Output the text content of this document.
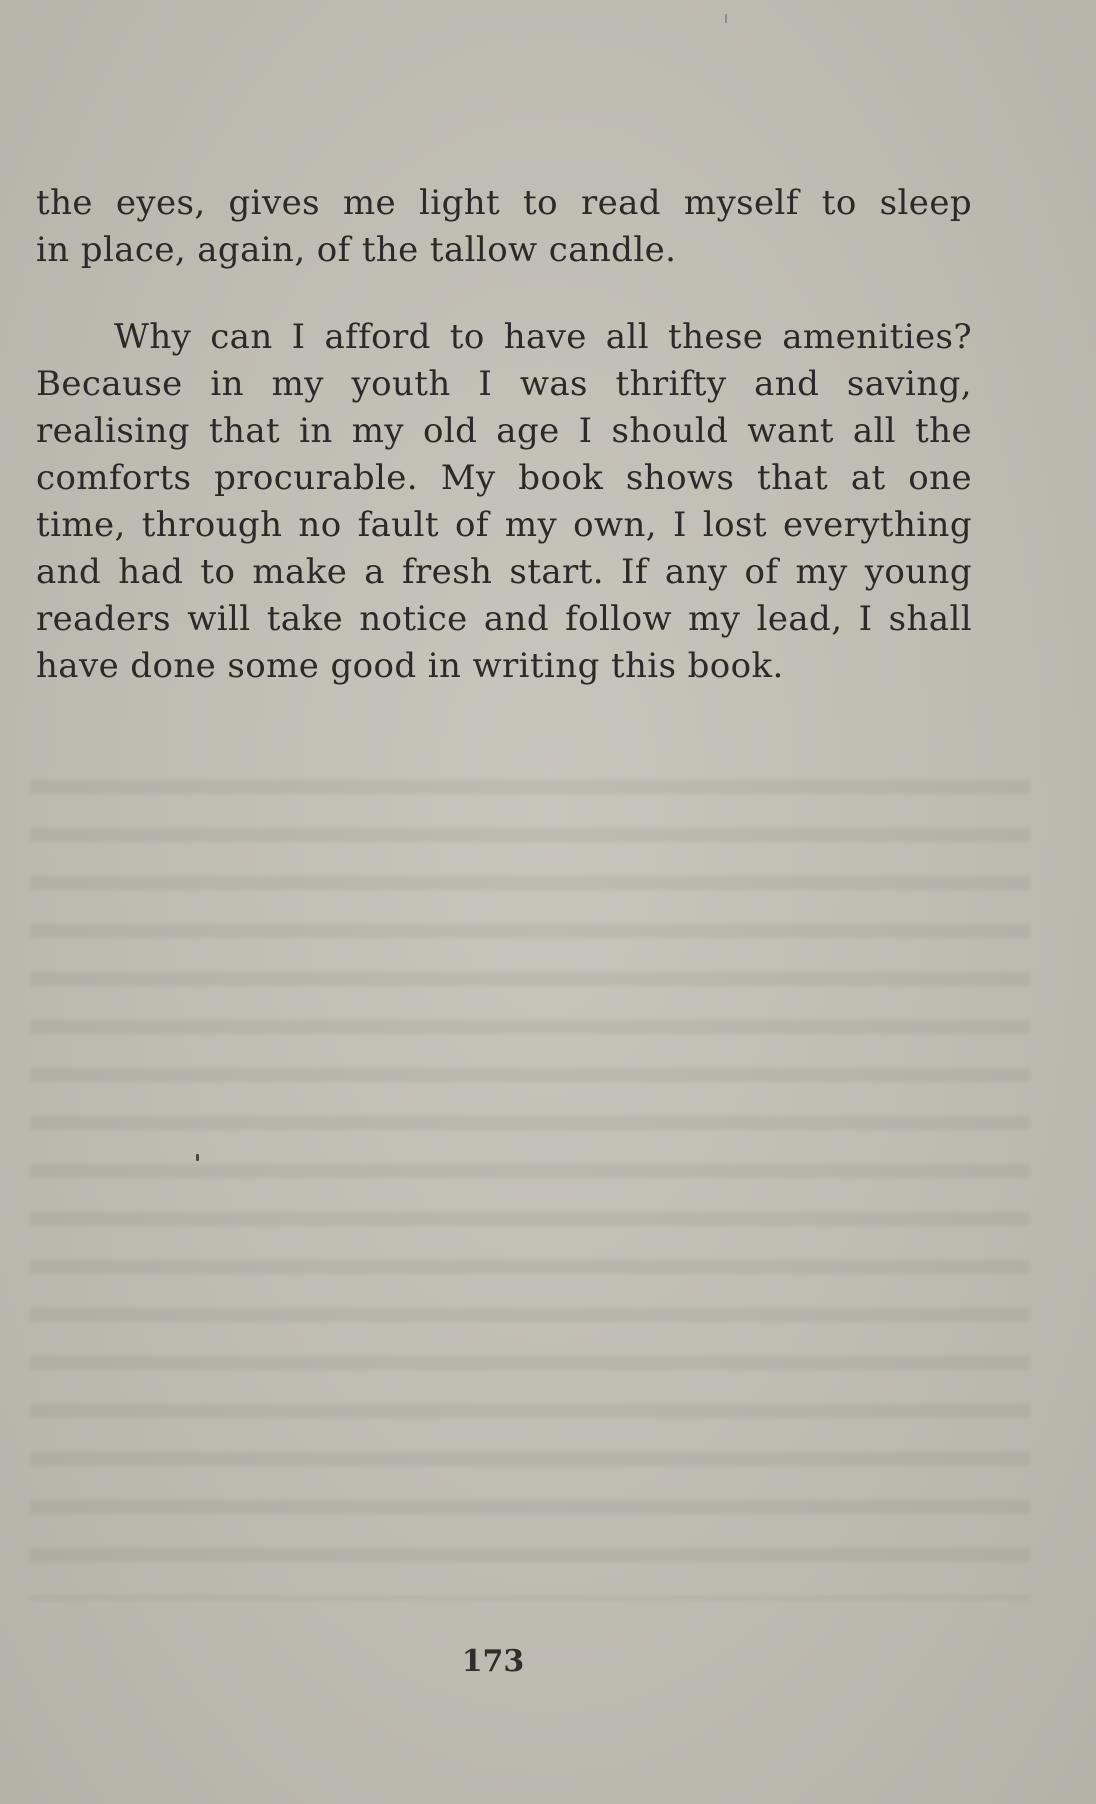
the eyes, gives me light to read myself to sleep
in place, again, of the tallow candle.

Why can I afford to have all these amenities?
Because in my youth I was thrifty and saving,
realising that in my old age I should want all the
comforts procurable. My book shows that at one
time, through no fault of my own, I lost everything
and had to make a fresh start. If any of my young
readers will take notice and follow my lead, I shall
have done some good in writing this book.

173
